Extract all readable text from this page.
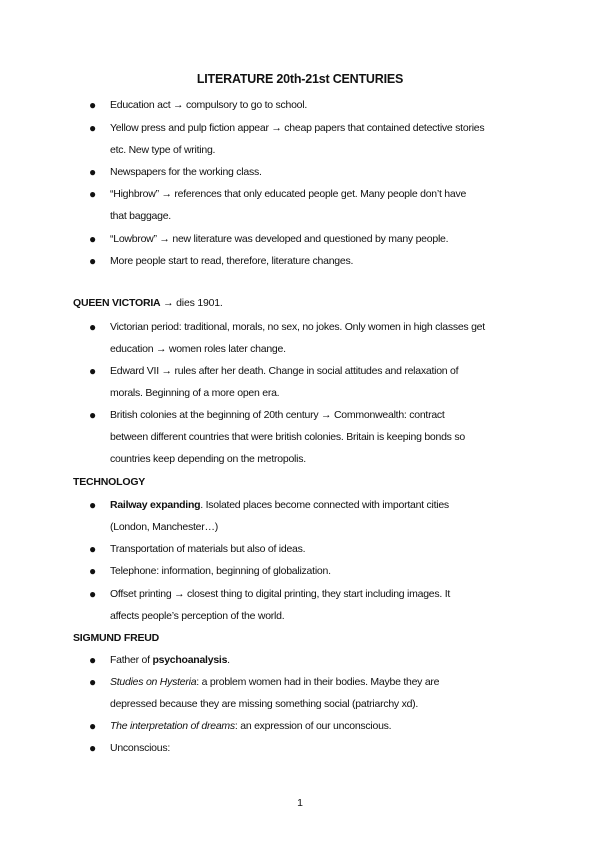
LITERATURE 20th-21st CENTURIES
● Education act → compulsory to go to school.
● Yellow press and pulp fiction appear → cheap papers that contained detective stories
etc. New type of writing.
● Newspapers for the working class.
● “Highbrow” → references that only educated people get. Many people don’t have
that baggage.
● “Lowbrow” → new literature was developed and questioned by many people.
● More people start to read, therefore, literature changes.
QUEEN VICTORIA → dies 1901.
● Victorian period: traditional, morals, no sex, no jokes. Only women in high classes get
education → women roles later change.
● Edward VII → rules after her death. Change in social attitudes and relaxation of
morals. Beginning of a more open era.
● British colonies at the beginning of 20th century → Commonwealth: contract
between different countries that were british colonies. Britain is keeping bonds so
countries keep depending on the metropolis.
TECHNOLOGY
● Railway expanding. Isolated places become connected with important cities
(London, Manchester…)
● Transportation of materials but also of ideas.
● Telephone: information, beginning of globalization.
● Offset printing → closest thing to digital printing, they start including images. It
affects people’s perception of the world.
SIGMUND FREUD
● Father of psychoanalysis.
● Studies on Hysteria: a problem women had in their bodies. Maybe they are
depressed because they are missing something social (patriarchy xd).
● The interpretation of dreams: an expression of our unconscious.
● Unconscious:
1
